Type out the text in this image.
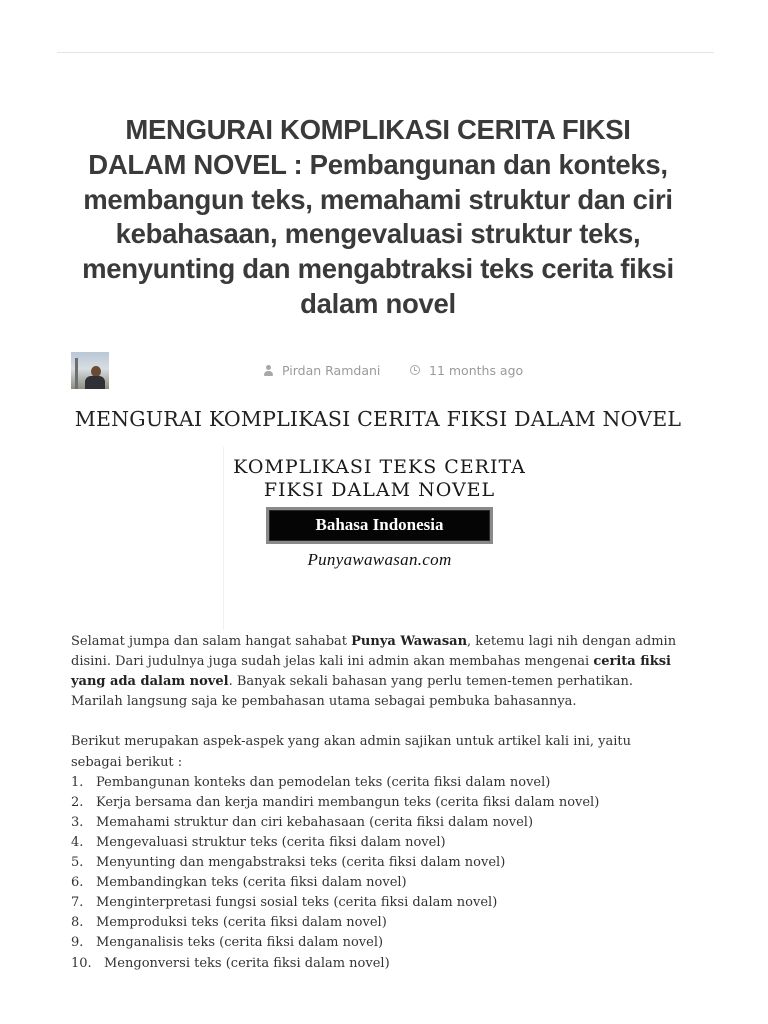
MENGURAI KOMPLIKASI CERITA FIKSI DALAM NOVEL : Pembangunan dan konteks, membangun teks, memahami struktur dan ciri kebahasaan, mengevaluasi struktur teks, menyunting dan mengabtraksi teks cerita fiksi dalam novel
Pirdan Ramdani	11 months ago
MENGURAI KOMPLIKASI CERITA FIKSI DALAM NOVEL
KOMPLIKASI TEKS CERITA
FIKSI DALAM NOVEL
Bahasa Indonesia
Punyawawasan.com

Selamat jumpa dan salam hangat sahabat Punya Wawasan, ketemu lagi nih dengan admin disini. Dari judulnya juga sudah jelas kali ini admin akan membahas mengenai cerita fiksi yang ada dalam novel. Banyak sekali bahasan yang perlu temen-temen perhatikan. Marilah langsung saja ke pembahasan utama sebagai pembuka bahasannya.

Berikut merupakan aspek-aspek yang akan admin sajikan untuk artikel kali ini, yaitu sebagai berikut :

1. Pembangunan konteks dan pemodelan teks (cerita fiksi dalam novel)
2. Kerja bersama dan kerja mandiri membangun teks (cerita fiksi dalam novel)
3. Memahami struktur dan ciri kebahasaan (cerita fiksi dalam novel)
4. Mengevaluasi struktur teks (cerita fiksi dalam novel)
5. Menyunting dan mengabstraksi teks (cerita fiksi dalam novel)
6. Membandingkan teks (cerita fiksi dalam novel)
7. Menginterpretasi fungsi sosial teks (cerita fiksi dalam novel)
8. Memproduksi teks (cerita fiksi dalam novel)
9. Menganalisis teks (cerita fiksi dalam novel)
10. Mengonversi teks (cerita fiksi dalam novel)
